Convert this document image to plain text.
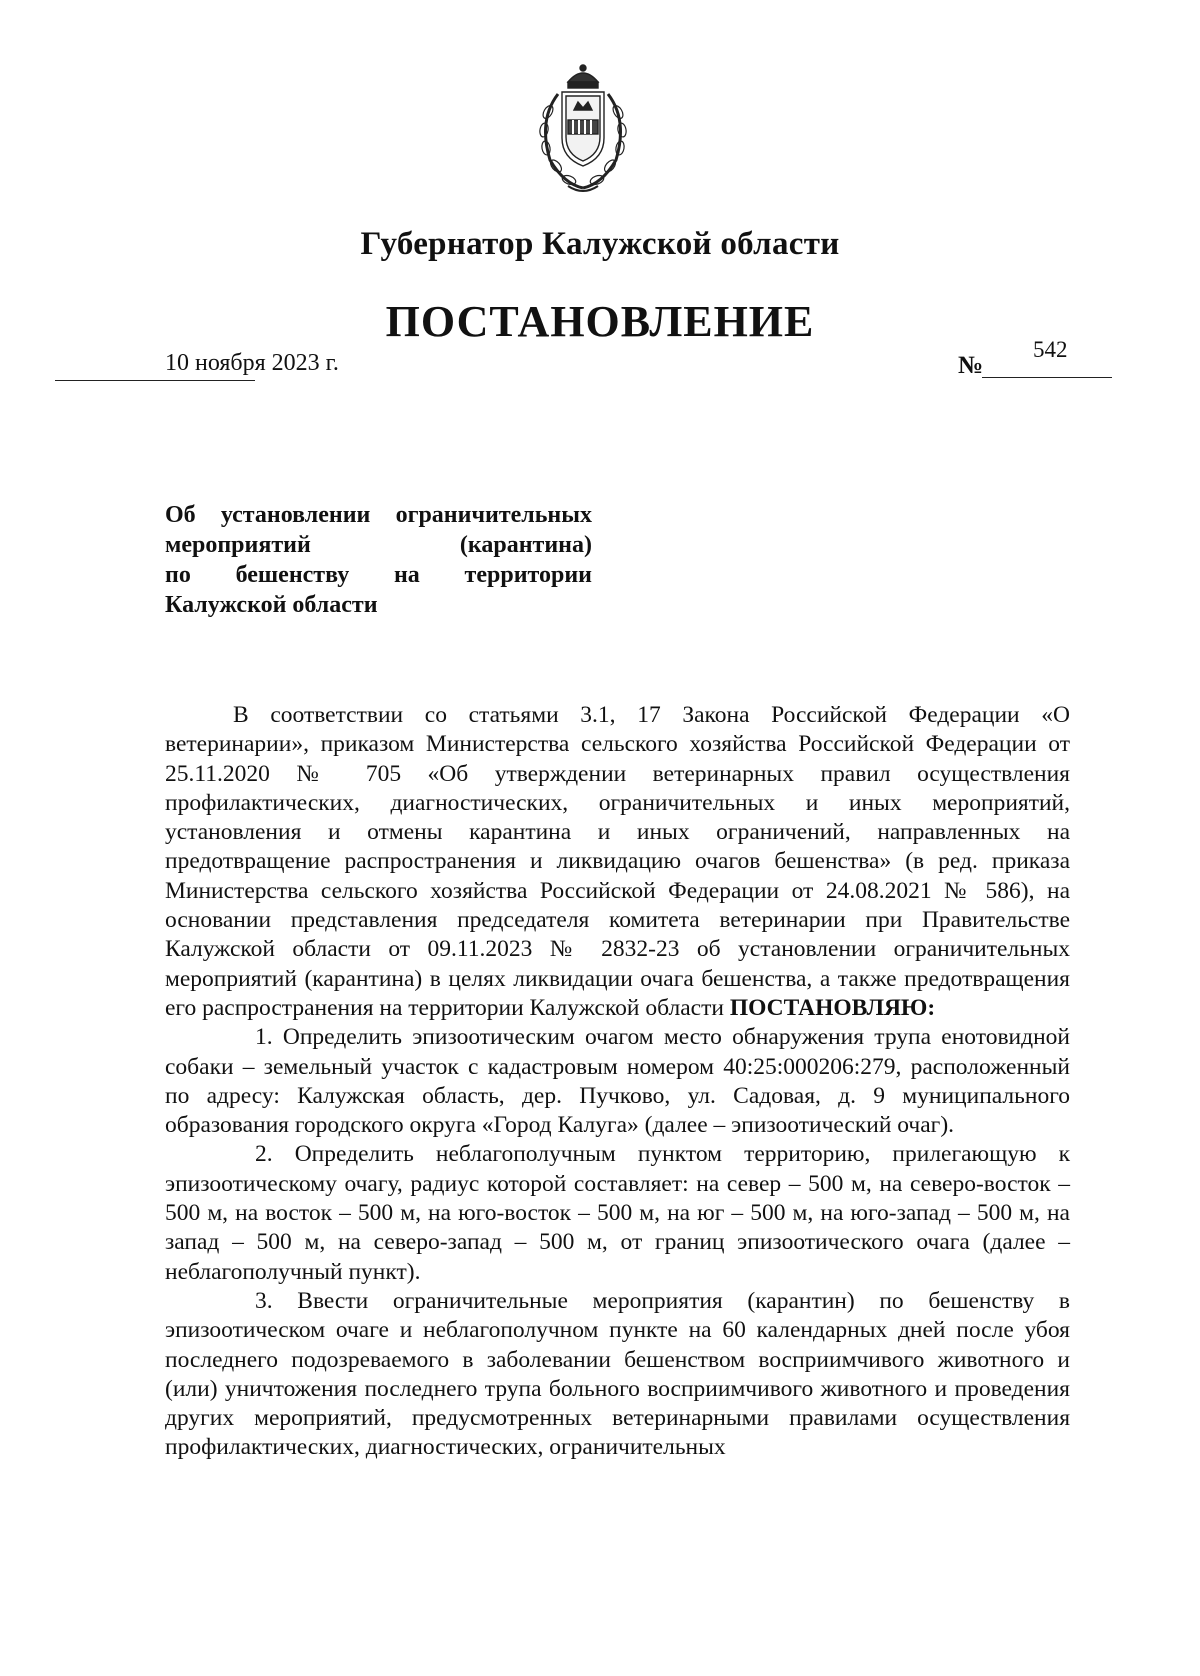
Губернатор Калужской области
ПОСТАНОВЛЕНИЕ
10 ноября 2023 г.	№
542
Об установлении ограничительных
мероприятий (карантина)
по бешенству на территории
Калужской области

В соответствии со статьями 3.1, 17 Закона Российской Федерации «О ветеринарии», приказом Министерства сельского хозяйства Российской Федерации от 25.11.2020 № 705 «Об утверждении ветеринарных правил осуществления профилактических, диагностических, ограничительных и иных мероприятий, установления и отмены карантина и иных ограничений, направленных на предотвращение распространения и ликвидацию очагов бешенства» (в ред. приказа Министерства сельского хозяйства Российской Федерации от 24.08.2021 № 586), на основании представления председателя комитета ветеринарии при Правительстве Калужской области от 09.11.2023 № 2832-23 об установлении ограничительных мероприятий (карантина) в целях ликвидации очага бешенства, а также предотвращения его распространения на территории Калужской области ПОСТАНОВЛЯЮ:

1. Определить эпизоотическим очагом место обнаружения трупа енотовидной собаки – земельный участок с кадастровым номером 40:25:000206:279, расположенный по адресу: Калужская область, дер. Пучково, ул. Садовая, д. 9 муниципального образования городского округа «Город Калуга» (далее – эпизоотический очаг).

2. Определить неблагополучным пунктом территорию, прилегающую к эпизоотическому очагу, радиус которой составляет: на север – 500 м, на северо-восток – 500 м, на восток – 500 м, на юго-восток – 500 м, на юг – 500 м, на юго-запад – 500 м, на запад – 500 м, на северо-запад – 500 м, от границ эпизоотического очага (далее – неблагополучный пункт).

3. Ввести ограничительные мероприятия (карантин) по бешенству в эпизоотическом очаге и неблагополучном пункте на 60 календарных дней после убоя последнего подозреваемого в заболевании бешенством восприимчивого животного и (или) уничтожения последнего трупа больного восприимчивого животного и проведения других мероприятий, предусмотренных ветеринарными правилами осуществления профилактических, диагностических, ограничительных
